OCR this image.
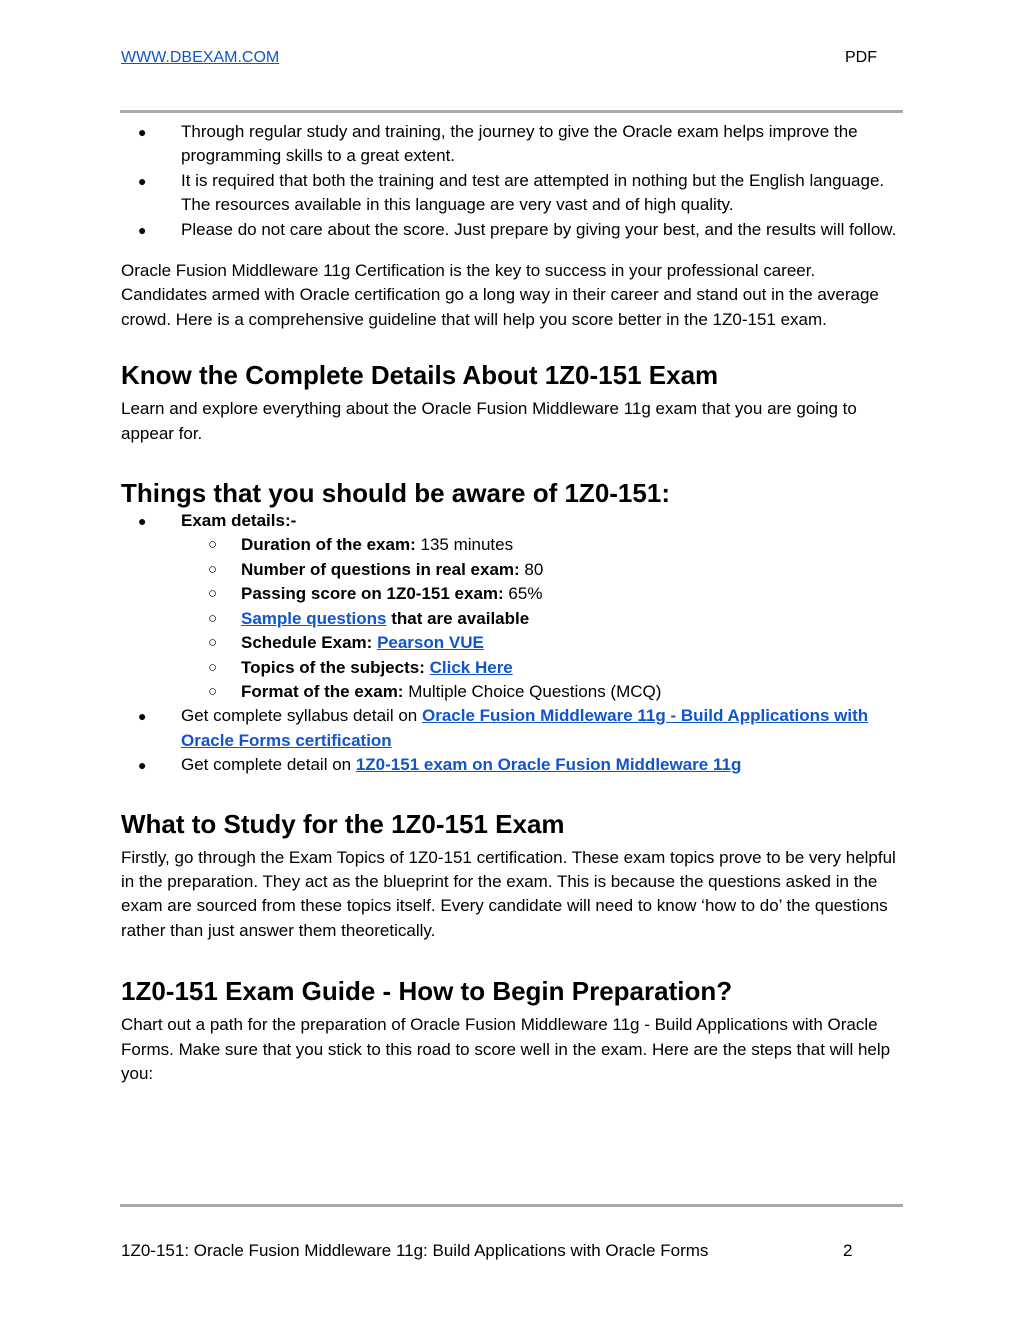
WWW.DBEXAM.COM	PDF
● Through regular study and training, the journey to give the Oracle exam helps improve the programming skills to a great extent.
● It is required that both the training and test are attempted in nothing but the English language. The resources available in this language are very vast and of high quality.
● Please do not care about the score. Just prepare by giving your best, and the results will follow.

Oracle Fusion Middleware 11g Certification is the key to success in your professional career. Candidates armed with Oracle certification go a long way in their career and stand out in the average crowd. Here is a comprehensive guideline that will help you score better in the 1Z0-151 exam.

Know the Complete Details About 1Z0-151 Exam

Learn and explore everything about the Oracle Fusion Middleware 11g exam that you are going to appear for.

Things that you should be aware of 1Z0-151:
● Exam details:-
○ Duration of the exam: 135 minutes
○ Number of questions in real exam: 80
○ Passing score on 1Z0-151 exam: 65%
○ Sample questions that are available
○ Schedule Exam: Pearson VUE
○ Topics of the subjects: Click Here
○ Format of the exam: Multiple Choice Questions (MCQ)
● Get complete syllabus detail on Oracle Fusion Middleware 11g - Build Applications with Oracle Forms certification
● Get complete detail on 1Z0-151 exam on Oracle Fusion Middleware 11g
What to Study for the 1Z0-151 Exam

Firstly, go through the Exam Topics of 1Z0-151 certification. These exam topics prove to be very helpful in the preparation. They act as the blueprint for the exam. This is because the questions asked in the exam are sourced from these topics itself. Every candidate will need to know ‘how to do’ the questions rather than just answer them theoretically.

1Z0-151 Exam Guide - How to Begin Preparation?

Chart out a path for the preparation of Oracle Fusion Middleware 11g - Build Applications with Oracle Forms. Make sure that you stick to this road to score well in the exam. Here are the steps that will help you:

1Z0-151: Oracle Fusion Middleware 11g: Build Applications with Oracle Forms	2
